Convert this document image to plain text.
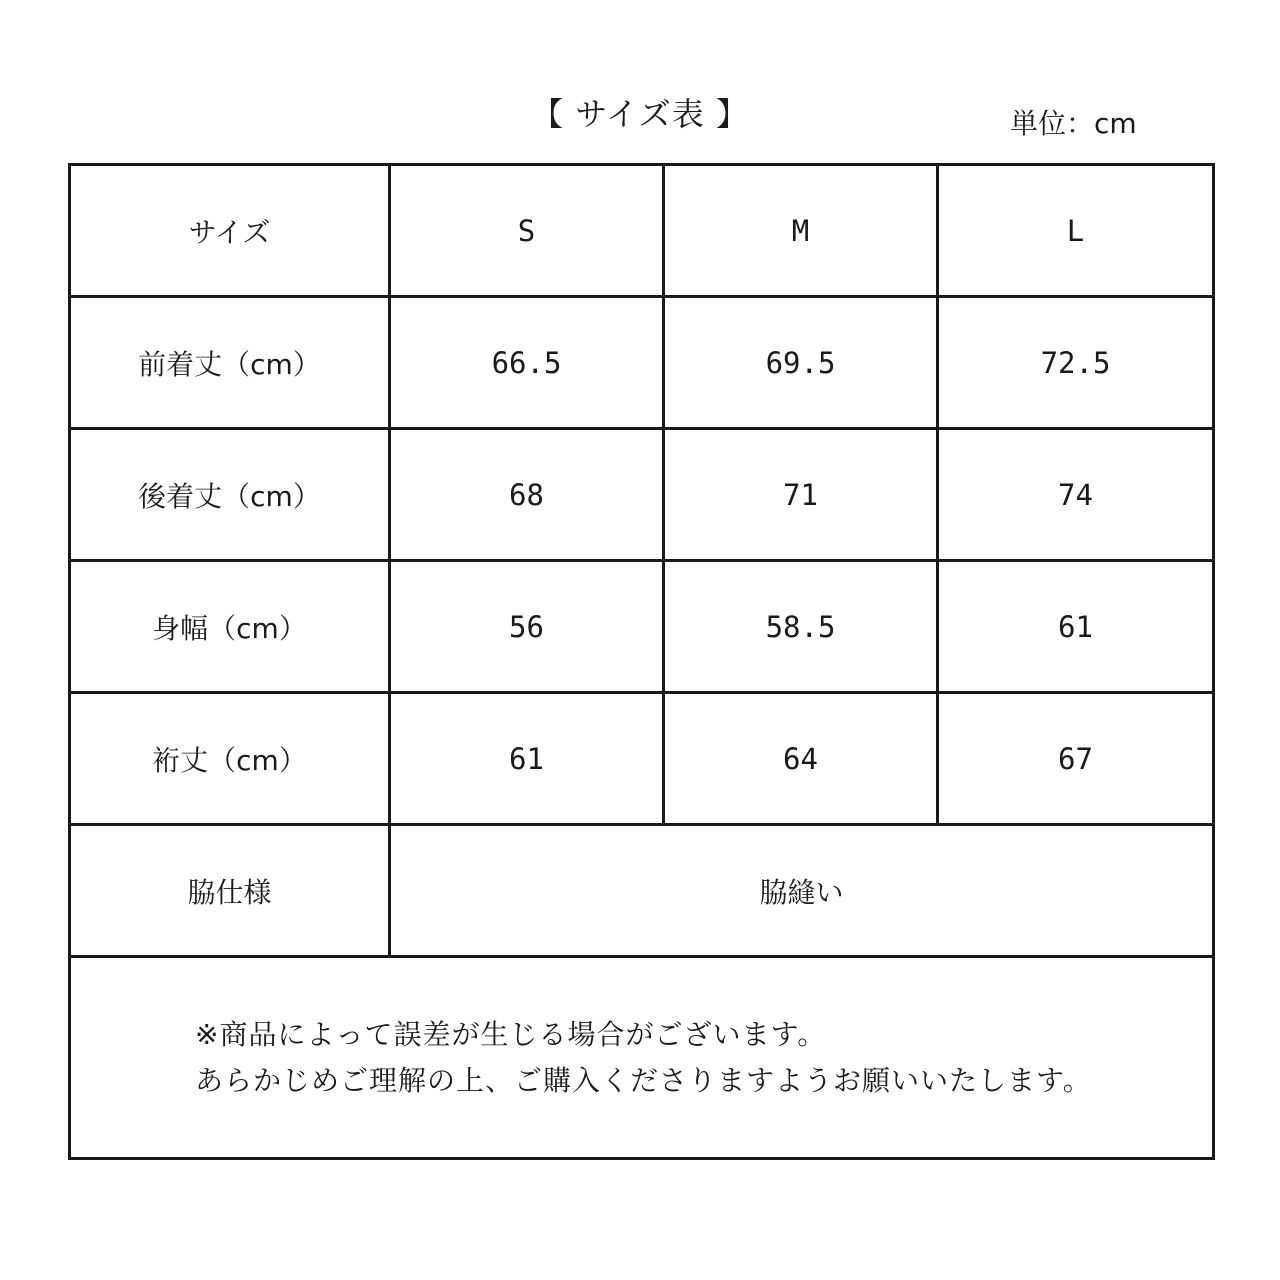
【 サイズ表 】	単位：cm
サイズ	S	M	L
前着丈（cm）	66.5	69.5	72.5
後着丈（cm）	68	71	74
身幅（cm）	56	58.5	61
裄丈（cm）	61	64	67
脇仕様	脇縫い		

※商品によって誤差が生じる場合がございます。
あらかじめご理解の上、ご購入くださりますようお願いいたします。			
